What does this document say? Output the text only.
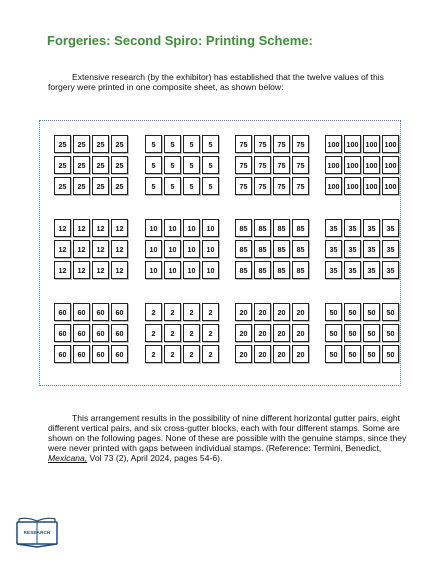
Forgeries: Second Spiro: Printing Scheme:

Extensive research (by the exhibitor) has established that the twelve values of this forgery were printed in one composite sheet, as shown below:

25	25	25	25
25	25	25	25
25	25	25	25
5	5	5	5
5	5	5	5
5	5	5	5
75	75	75	75
75	75	75	75
75	75	75	75
100 100 100 100
100 100 100 100
100 100 100 100
12	12	12	12
12	12	12	12
12	12	12	12
10	10	10	10
10	10	10	10
10	10	10	10
85	85	85	85
85	85	85	85
85	85	85	85
35	35	35	35
35	35	35	35
35	35	35	35
60	60	60	60
60	60	60	60
60	60	60	60
2	2	2	2
2	2	2	2
2	2	2	2
20	20	20	20
20	20	20	20
20	20	20	20
50	50	50	50
50	50	50	50
50	50	50	50

This arrangement results in the possibility of nine different horizontal gutter pairs, eight different vertical pairs, and six cross-gutter blocks, each with four different stamps. Some are shown on the following pages. None of these are possible with the genuine stamps, since they were never printed with gaps between individual stamps. (Reference: Termini, Benedict, Mexicana, Vol 73 (2), April 2024, pages 54-6).

RESEARCH
